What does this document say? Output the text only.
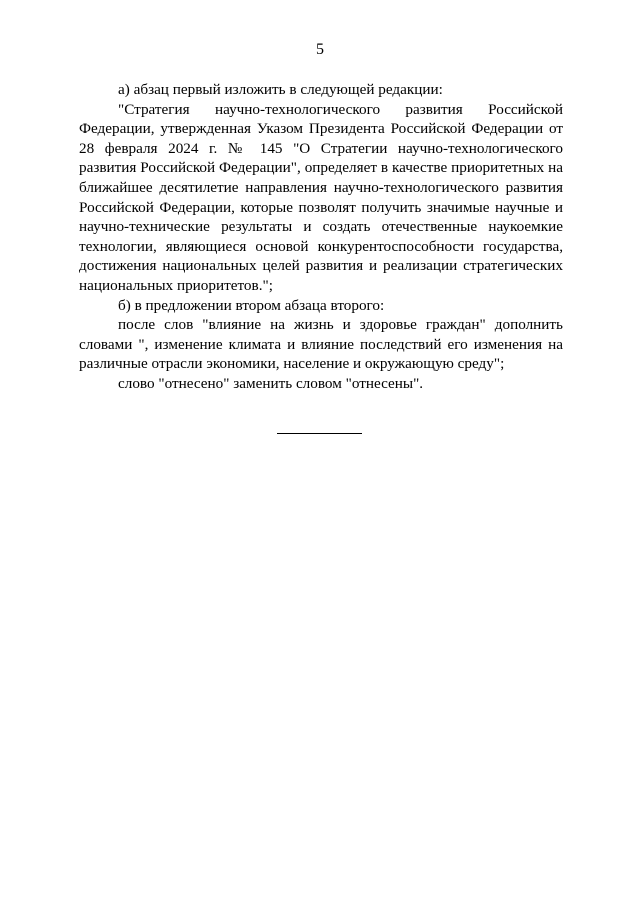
5

а) абзац первый изложить в следующей редакции:

"Стратегия научно-технологического развития Российской Федерации, утвержденная Указом Президента Российской Федерации от 28 февраля 2024 г. № 145 "О Стратегии научно-технологического развития Российской Федерации", определяет в качестве приоритетных на ближайшее десятилетие направления научно-технологического развития Российской Федерации, которые позволят получить значимые научные и научно-технические результаты и создать отечественные наукоемкие технологии, являющиеся основой конкурентоспособности государства, достижения национальных целей развития и реализации стратегических национальных приоритетов.";

б) в предложении втором абзаца второго:

после слов "влияние на жизнь и здоровье граждан" дополнить словами ", изменение климата и влияние последствий его изменения на различные отрасли экономики, население и окружающую среду";

слово "отнесено" заменить словом "отнесены".
